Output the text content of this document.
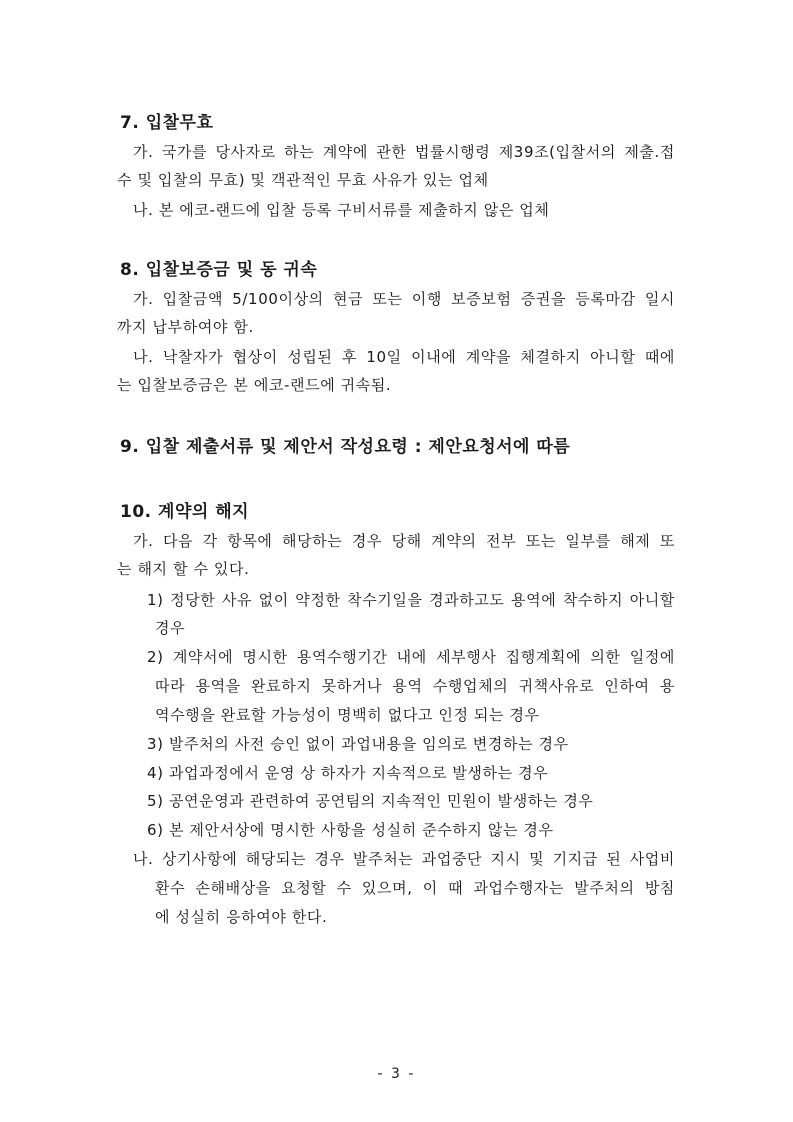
7. 입찰무효
가. 국가를 당사자로 하는 계약에 관한 법률시행령 제39조(입찰서의 제출.접
수 및 입찰의 무효) 및 객관적인 무효 사유가 있는 업체
나. 본 에코-랜드에 입찰 등록 구비서류를 제출하지 않은 업체
8. 입찰보증금 및 동 귀속
가. 입찰금액 5/100이상의 현금 또는 이행 보증보험 증권을 등록마감 일시
까지 납부하여야 함.
나. 낙찰자가 협상이 성립된 후 10일 이내에 계약을 체결하지 아니할 때에
는 입찰보증금은 본 에코-랜드에 귀속됨.
9. 입찰 제출서류 및 제안서 작성요령 : 제안요청서에 따름
10. 계약의 해지
가. 다음 각 항목에 해당하는 경우 당해 계약의 전부 또는 일부를 해제 또
는 해지 할 수 있다.
1) 정당한 사유 없이 약정한 착수기일을 경과하고도 용역에 착수하지 아니할
경우
2) 계약서에 명시한 용역수행기간 내에 세부행사 집행계획에 의한 일정에
따라 용역을 완료하지 못하거나 용역 수행업체의 귀책사유로 인하여 용
역수행을 완료할 가능성이 명백히 없다고 인정 되는 경우
3) 발주처의 사전 승인 없이 과업내용을 임의로 변경하는 경우
4) 과업과정에서 운영 상 하자가 지속적으로 발생하는 경우
5) 공연운영과 관련하여 공연팀의 지속적인 민원이 발생하는 경우
6) 본 제안서상에 명시한 사항을 성실히 준수하지 않는 경우
나. 상기사항에 해당되는 경우 발주처는 과업중단 지시 및 기지급 된 사업비
환수 손해배상을 요청할 수 있으며, 이 때 과업수행자는 발주처의 방침
에 성실히 응하여야 한다.
- 3 -
